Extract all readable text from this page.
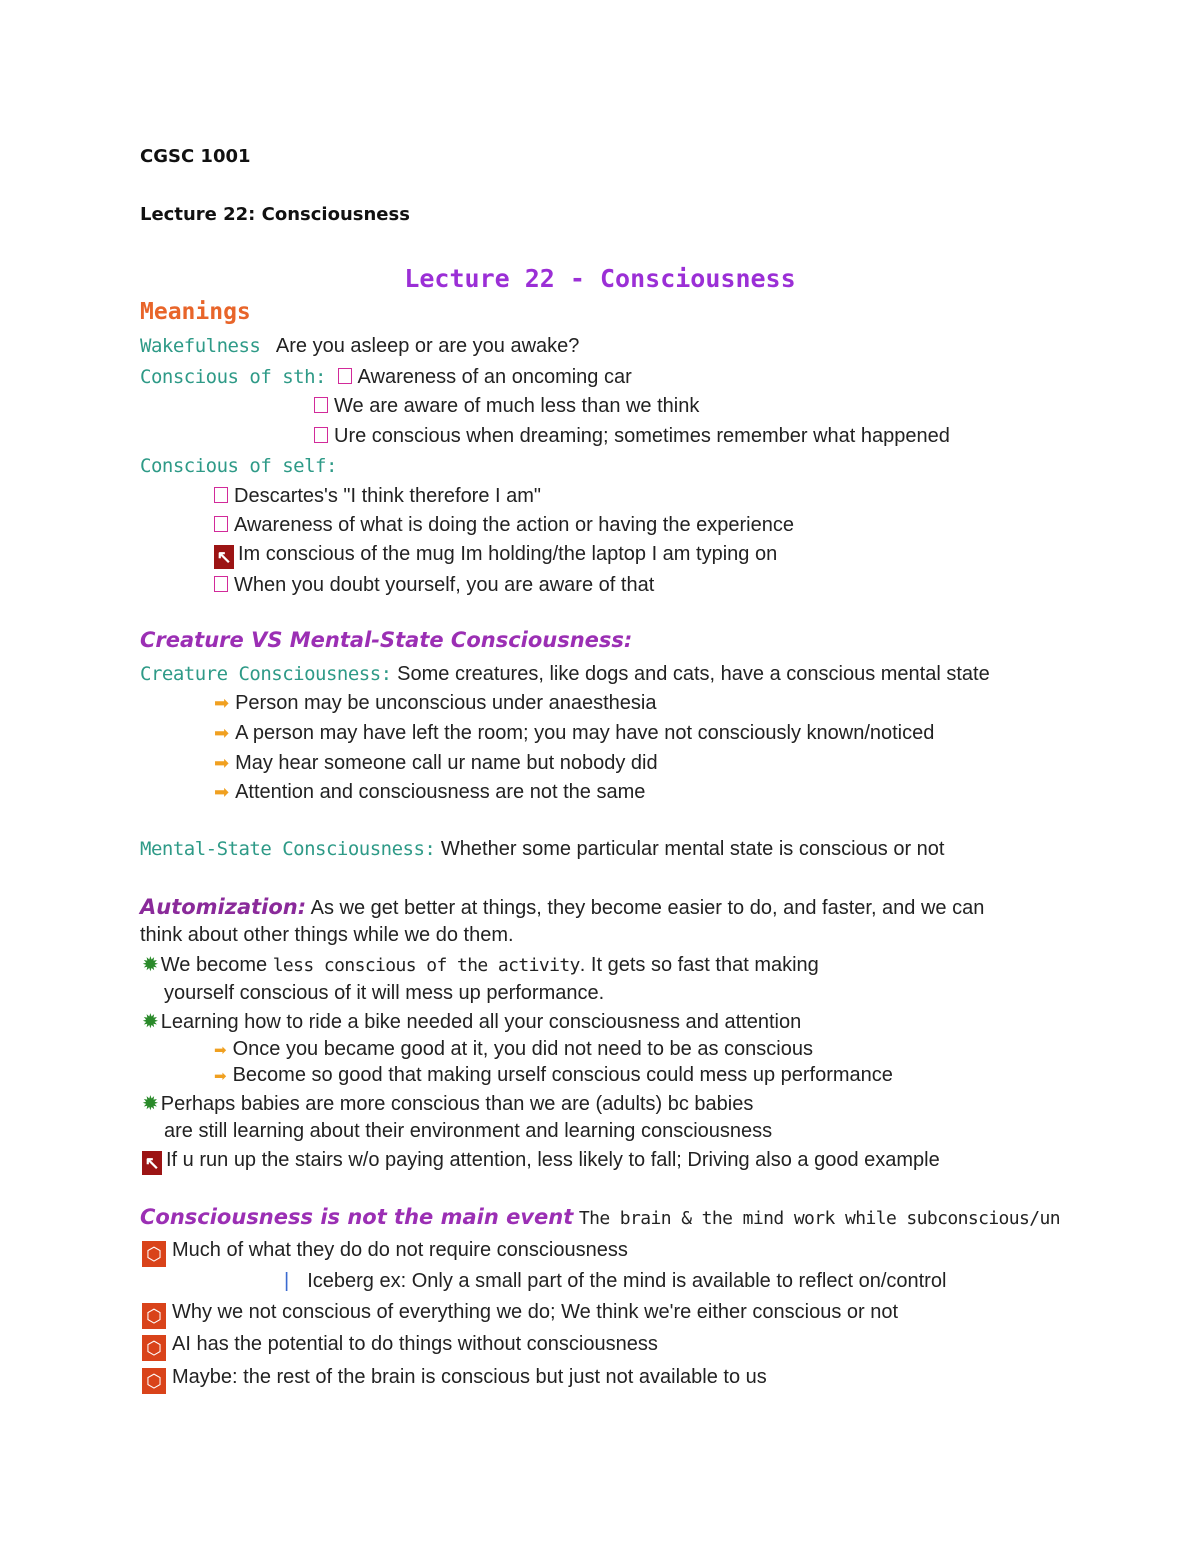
CGSC 1001
Lecture 22: Consciousness
Lecture 22 - Consciousness
Meanings
Wakefulness Are you asleep or are you awake?
Conscious of sth: Awareness of an oncoming car
We are aware of much less than we think
Ure conscious when dreaming; sometimes remember what happened
Conscious of self:
Descartes's "I think therefore I am"
Awareness of what is doing the action or having the experience
↖ Im conscious of the mug Im holding/the laptop I am typing on
When you doubt yourself, you are aware of that
Creature VS Mental-State Consciousness:
Creature Consciousness: Some creatures, like dogs and cats, have a conscious mental state
➡ Person may be unconscious under anaesthesia
➡ A person may have left the room; you may have not consciously known/noticed
➡ May hear someone call ur name but nobody did
➡ Attention and consciousness are not the same
Mental-State Consciousness: Whether some particular mental state is conscious or not
Automization: As we get better at things, they become easier to do, and faster, and we can
think about other things while we do them.
✹ We become less conscious of the activity. It gets so fast that making
yourself conscious of it will mess up performance.
✹ Learning how to ride a bike needed all your consciousness and attention
➡ Once you became good at it, you did not need to be as conscious
➡ Become so good that making urself conscious could mess up performance
✹ Perhaps babies are more conscious than we are (adults) bc babies
are still learning about their environment and learning consciousness
↖ If u run up the stairs w/o paying attention, less likely to fall; Driving also a good example
Consciousness is not the main event The brain & the mind work while subconscious/un
⬡ Much of what they do do not require consciousness
| Iceberg ex: Only a small part of the mind is available to reflect on/control
⬡ Why we not conscious of everything we do; We think we're either conscious or not
⬡ AI has the potential to do things without consciousness
⬡ Maybe: the rest of the brain is conscious but just not available to us
